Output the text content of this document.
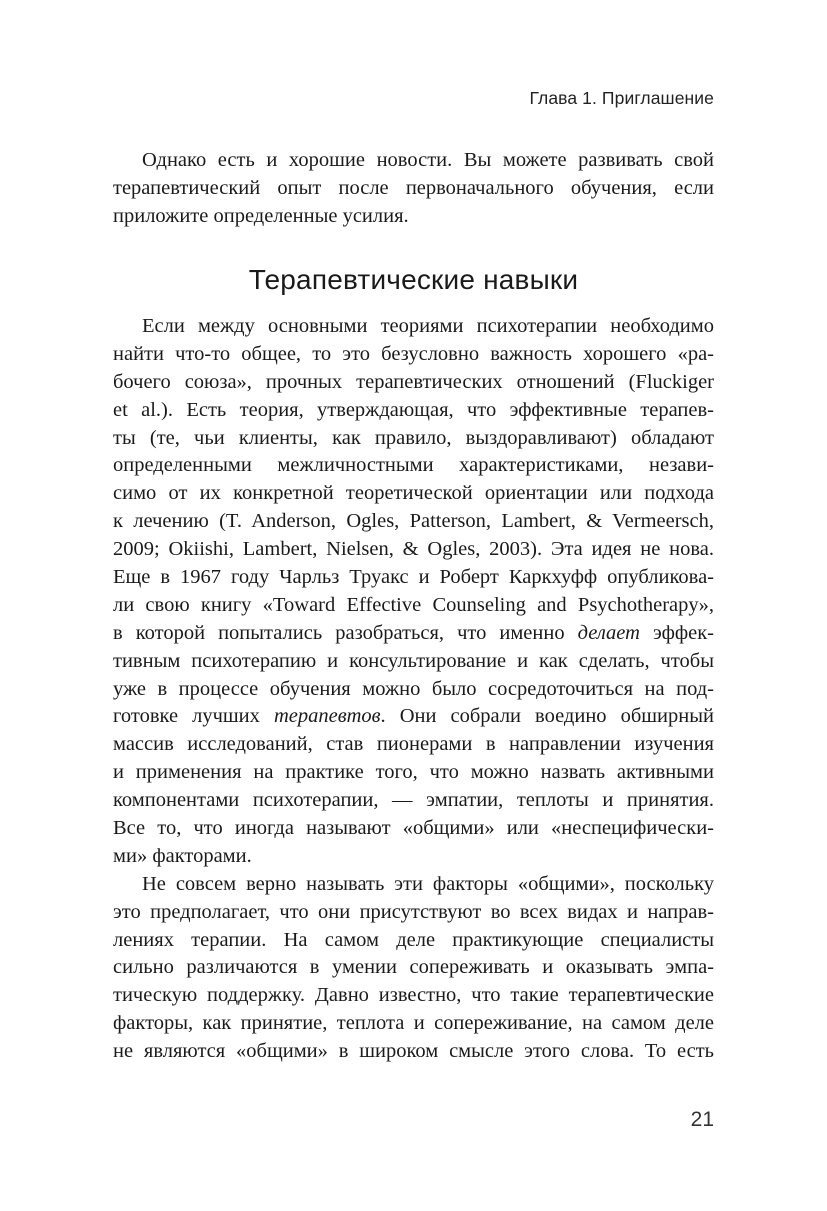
Глава 1. Приглашение
Однако есть и хорошие новости. Вы можете развивать свой
терапевтический опыт после первоначального обучения, если
приложите определенные усилия.
Терапевтические навыки
Если между основными теориями психотерапии необходимо
найти что-то общее, то это безусловно важность хорошего «ра-
бочего союза», прочных терапевтических отношений (Fluckiger
et al.). Есть теория, утверждающая, что эффективные терапев-
ты (те, чьи клиенты, как правило, выздоравливают) обладают
определенными межличностными характеристиками, незави-
симо от их конкретной теоретической ориентации или подхода
к лечению (T. Anderson, Ogles, Patterson, Lambert, & Vermeersch,
2009; Okiishi, Lambert, Nielsen, & Ogles, 2003). Эта идея не нова.
Еще в 1967 году Чарльз Труакс и Роберт Каркхуфф опубликова-
ли свою книгу «Toward Effective Counseling and Psychotherapy»,
в которой попытались разобраться, что именно делает эффек-
тивным психотерапию и консультирование и как сделать, чтобы
уже в процессе обучения можно было сосредоточиться на под-
готовке лучших терапевтов. Они собрали воедино обширный
массив исследований, став пионерами в направлении изучения
и применения на практике того, что можно назвать активными
компонентами психотерапии, — эмпатии, теплоты и принятия.
Все то, что иногда называют «общими» или «неспецифически-
ми» факторами.
Не совсем верно называть эти факторы «общими», поскольку
это предполагает, что они присутствуют во всех видах и направ-
лениях терапии. На самом деле практикующие специалисты
сильно различаются в умении сопереживать и оказывать эмпа-
тическую поддержку. Давно известно, что такие терапевтические
факторы, как принятие, теплота и сопереживание, на самом деле
не являются «общими» в широком смысле этого слова. То есть
21
